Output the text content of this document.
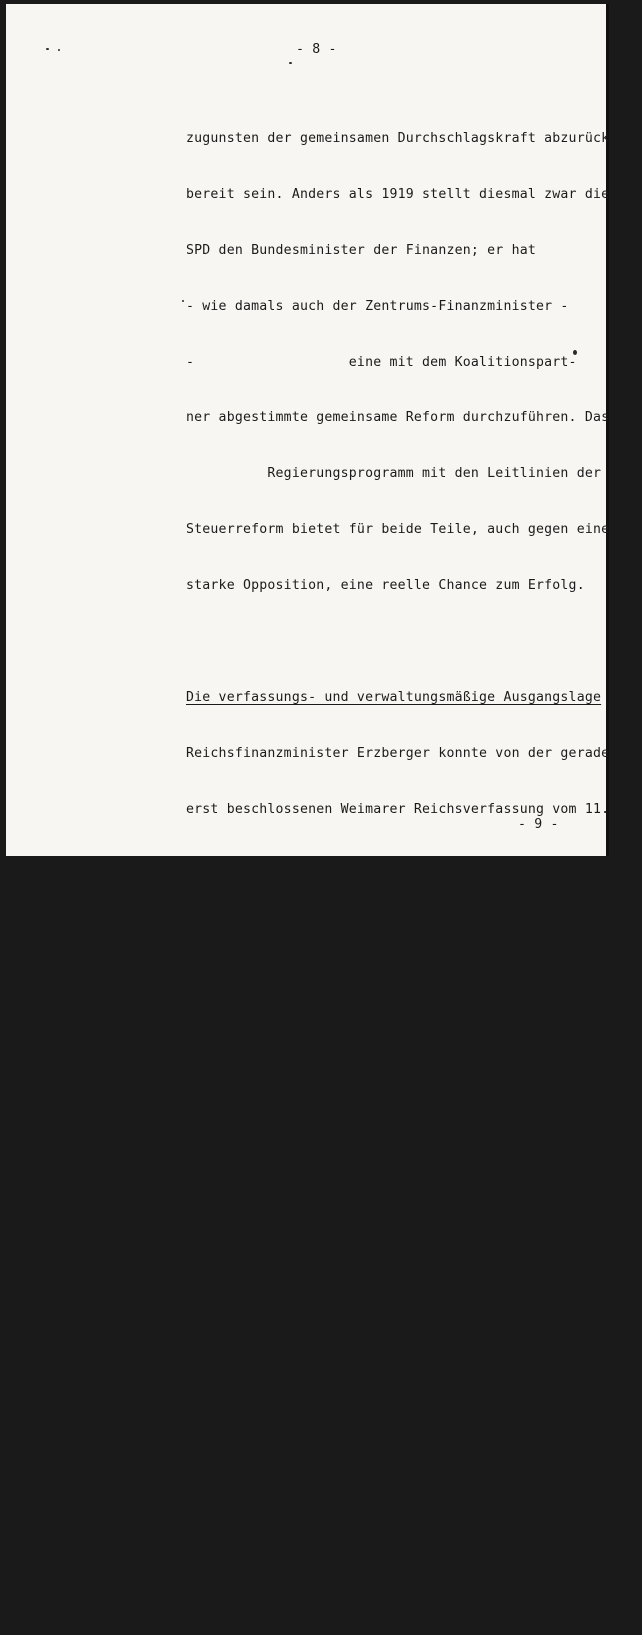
- 8 -

zugunsten der gemeinsamen Durchschlagskraft abzurücken

bereit sein. Anders als 1919 stellt diesmal zwar die

SPD den Bundesminister der Finanzen; er hat

- wie damals auch der Zentrums-Finanzminister -

-                   eine mit dem Koalitionspart-

ner abgestimmte gemeinsame Reform durchzuführen. Das

Regierungsprogramm mit den Leitlinien der

Steuerreform bietet für beide Teile, auch gegen eine

starke Opposition, eine reelle Chance zum Erfolg.

Die verfassungs- und verwaltungsmäßige Ausgangslage

Reichsfinanzminister Erzberger konnte von der gerade

erst beschlossenen Weimarer Reichsverfassung vom 11.

August 1919 ausgehen, die sich die Nationalversammlung

ohne fremde Einmischung auf die Reichsbedürfnisse zu-

geschnitten hatte. Um den dynamischen Elementen in der

Entwicklung gerecht zu werden, hatte diese Verfassung

die steuerrechtlichen Zuständigkeiten nicht verfassungs-

kräftig abgegrenzt, sondern die endgültige Entscheidung

bewußt der politischen Entwicklung überlassen. Der maß-

gebliche Artikel 8 der Reichsverfassung enthielt dazu

die elastische Bestimmung: "Das Reich hat ferner die

Gesetzgebung über die Abgaben und sonstigen Einnahmen,

soweit sie ganz oder teilweise für seine Zwecke in An-

spruch genommen werden." Der Primat der politischen

Willensbildung lag eindeutig beim Reich. Der Reichsrat

als Ländervertretung           Nachfolger des Bundes-

- 9 -
